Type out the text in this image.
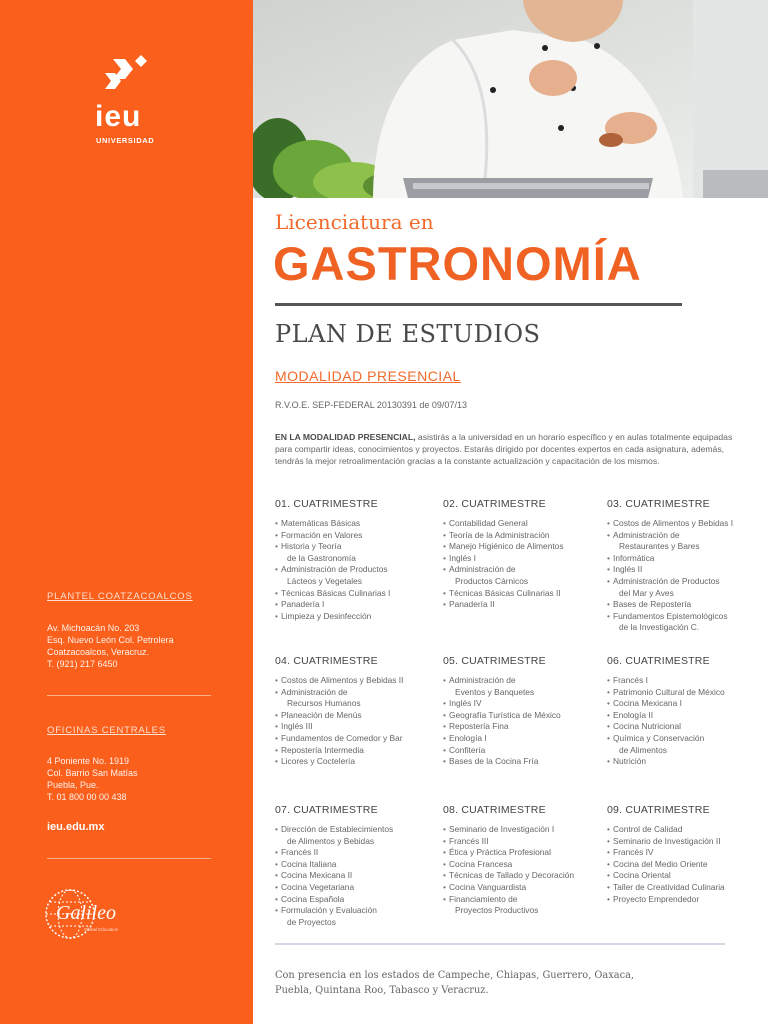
ieu
UNIVERSIDAD
PLANTEL COATZACOALCOS
Av. Michoacán No. 203
Esq. Nuevo León Col. Petrolera
Coatzacoalcos, Veracruz.
T. (921) 217 6450
OFICINAS CENTRALES
4 Poniente No. 1919
Col. Barrio San Matías
Puebla, Pue.
T. 01 800 00 00 438
ieu.edu.mx
Galileo
Global Education
Licenciatura en
GASTRONOMÍA
PLAN DE ESTUDIOS
MODALIDAD PRESENCIAL
R.V.O.E. SEP-FEDERAL 20130391 de 09/07/13
EN LA MODALIDAD PRESENCIAL, asistirás a la universidad en un horario específico y en aulas totalmente equipadas para compartir ideas, conocimientos y proyectos. Estarás dirigido por docentes expertos en cada asignatura, además, tendrás la mejor retroalimentación gracias a la constante actualización y capacitación de los mismos.
01. CUATRIMESTRE
• Matemáticas Básicas
• Formación en Valores
• Historia y Teoría
de la Gastronomía
• Administración de Productos
Lácteos y Vegetales
• Técnicas Básicas Culinarias I
• Panadería I
• Limpieza y Desinfección
02. CUATRIMESTRE
• Contabilidad General
• Teoría de la Administración
• Manejo Higiénico de Alimentos
• Inglés I
• Administración de
Productos Cárnicos
• Técnicas Básicas Culinarias II
• Panadería II
03. CUATRIMESTRE
• Costos de Alimentos y Bebidas I
• Administración de
Restaurantes y Bares
• Informática
• Inglés II
• Administración de Productos
del Mar y Aves
• Bases de Repostería
• Fundamentos Epistemológicos
de la Investigación C.
04. CUATRIMESTRE
• Costos de Alimentos y Bebidas II
• Administración de
Recursos Humanos
• Planeación de Menús
• Inglés III
• Fundamentos de Comedor y Bar
• Repostería Intermedia
• Licores y Coctelería
05. CUATRIMESTRE
• Administración de
Eventos y Banquetes
• Inglés IV
• Geografía Turística de México
• Repostería Fina
• Enología I
• Confitería
• Bases de la Cocina Fría
06. CUATRIMESTRE
• Francés I
• Patrimonio Cultural de México
• Cocina Mexicana I
• Enología II
• Cocina Nutricional
• Química y Conservación
de Alimentos
• Nutrición
07. CUATRIMESTRE
• Dirección de Establecimientos
de Alimentos y Bebidas
• Francés II
• Cocina Italiana
• Cocina Mexicana II
• Cocina Vegetariana
• Cocina Española
• Formulación y Evaluación
de Proyectos
08. CUATRIMESTRE
• Seminario de Investigación I
• Francés III
• Ética y Práctica Profesional
• Cocina Francesa
• Técnicas de Tallado y Decoración
• Cocina Vanguardista
• Financiamiento de
Proyectos Productivos
09. CUATRIMESTRE
• Control de Calidad
• Seminario de Investigación II
• Francés IV
• Cocina del Medio Oriente
• Cocina Oriental
• Taller de Creatividad Culinaria
• Proyecto Emprendedor
Con presencia en los estados de Campeche, Chiapas, Guerrero, Oaxaca,
Puebla, Quintana Roo, Tabasco y Veracruz.
